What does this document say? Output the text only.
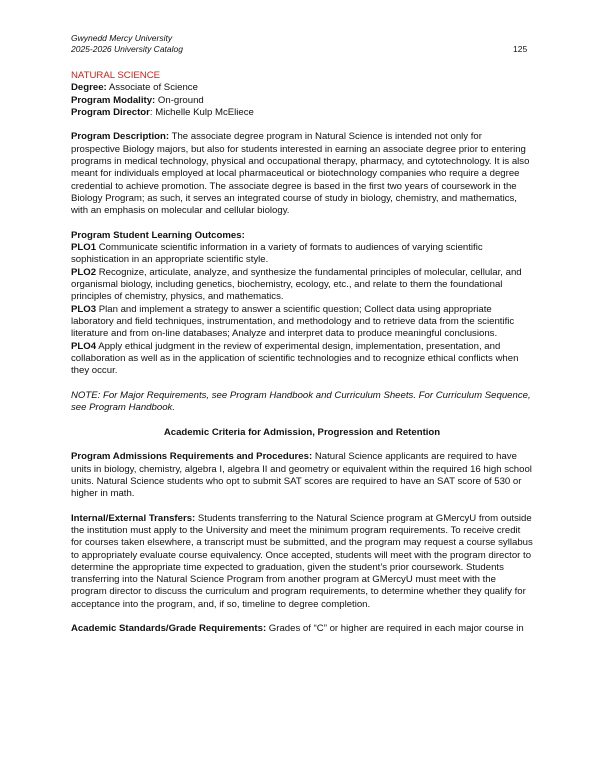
Gwynedd Mercy University
2025-2026 University Catalog	125

NATURAL SCIENCE

Degree: Associate of Science

Program Modality: On-ground

Program Director: Michelle Kulp McEliece

Program Description: The associate degree program in Natural Science is intended not only for prospective Biology majors, but also for students interested in earning an associate degree prior to entering programs in medical technology, physical and occupational therapy, pharmacy, and cytotechnology. It is also meant for individuals employed at local pharmaceutical or biotechnology companies who require a degree credential to achieve promotion. The associate degree is based in the first two years of coursework in the Biology Program; as such, it serves an integrated course of study in biology, chemistry, and mathematics, with an emphasis on molecular and cellular biology.

Program Student Learning Outcomes:

PLO1 Communicate scientific information in a variety of formats to audiences of varying scientific sophistication in an appropriate scientific style.

PLO2 Recognize, articulate, analyze, and synthesize the fundamental principles of molecular, cellular, and organismal biology, including genetics, biochemistry, ecology, etc., and relate to them the foundational principles of chemistry, physics, and mathematics.

PLO3 Plan and implement a strategy to answer a scientific question; Collect data using appropriate laboratory and field techniques, instrumentation, and methodology and to retrieve data from the scientific literature and from on-line databases; Analyze and interpret data to produce meaningful conclusions.

PLO4 Apply ethical judgment in the review of experimental design, implementation, presentation, and collaboration as well as in the application of scientific technologies and to recognize ethical conflicts when they occur.

NOTE: For Major Requirements, see Program Handbook and Curriculum Sheets. For Curriculum Sequence, see Program Handbook.

Academic Criteria for Admission, Progression and Retention

Program Admissions Requirements and Procedures: Natural Science applicants are required to have units in biology, chemistry, algebra I, algebra II and geometry or equivalent within the required 16 high school units. Natural Science students who opt to submit SAT scores are required to have an SAT score of 530 or higher in math.

Internal/External Transfers: Students transferring to the Natural Science program at GMercyU from outside the institution must apply to the University and meet the minimum program requirements. To receive credit for courses taken elsewhere, a transcript must be submitted, and the program may request a course syllabus to appropriately evaluate course equivalency. Once accepted, students will meet with the program director to determine the appropriate time expected to graduation, given the student’s prior coursework. Students transferring into the Natural Science Program from another program at GMercyU must meet with the program director to discuss the curriculum and program requirements, to determine whether they qualify for acceptance into the program, and, if so, timeline to degree completion.

Academic Standards/Grade Requirements: Grades of “C” or higher are required in each major course in
